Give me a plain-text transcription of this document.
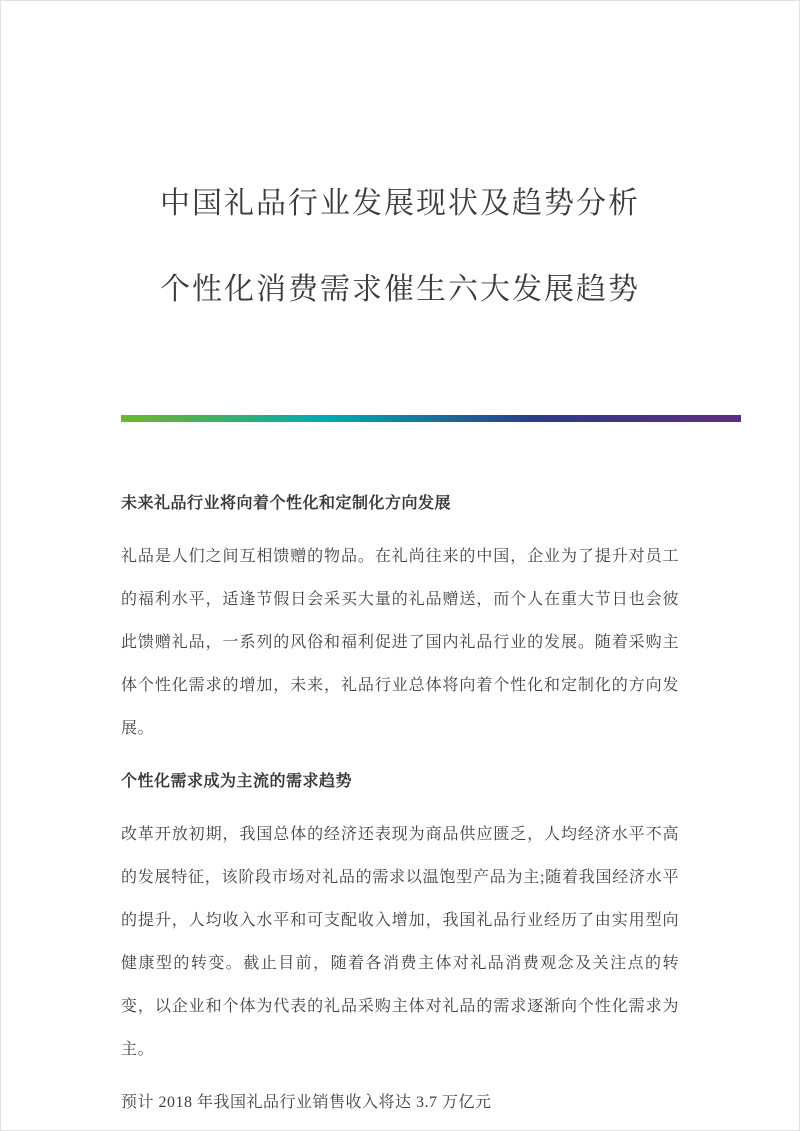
中国礼品行业发展现状及趋势分析
个性化消费需求催生六大发展趋势

未来礼品行业将向着个性化和定制化方向发展

礼品是人们之间互相馈赠的物品。在礼尚往来的中国，企业为了提升对员工的福利水平，适逢节假日会采买大量的礼品赠送，而个人在重大节日也会彼此馈赠礼品，一系列的风俗和福利促进了国内礼品行业的发展。随着采购主体个性化需求的增加，未来，礼品行业总体将向着个性化和定制化的方向发展。

个性化需求成为主流的需求趋势

改革开放初期，我国总体的经济还表现为商品供应匮乏，人均经济水平不高的发展特征，该阶段市场对礼品的需求以温饱型产品为主;随着我国经济水平的提升，人均收入水平和可支配收入增加，我国礼品行业经历了由实用型向健康型的转变。截止目前，随着各消费主体对礼品消费观念及关注点的转变，以企业和个体为代表的礼品采购主体对礼品的需求逐渐向个性化需求为主。

预计 2018 年我国礼品行业销售收入将达 3.7 万亿元
